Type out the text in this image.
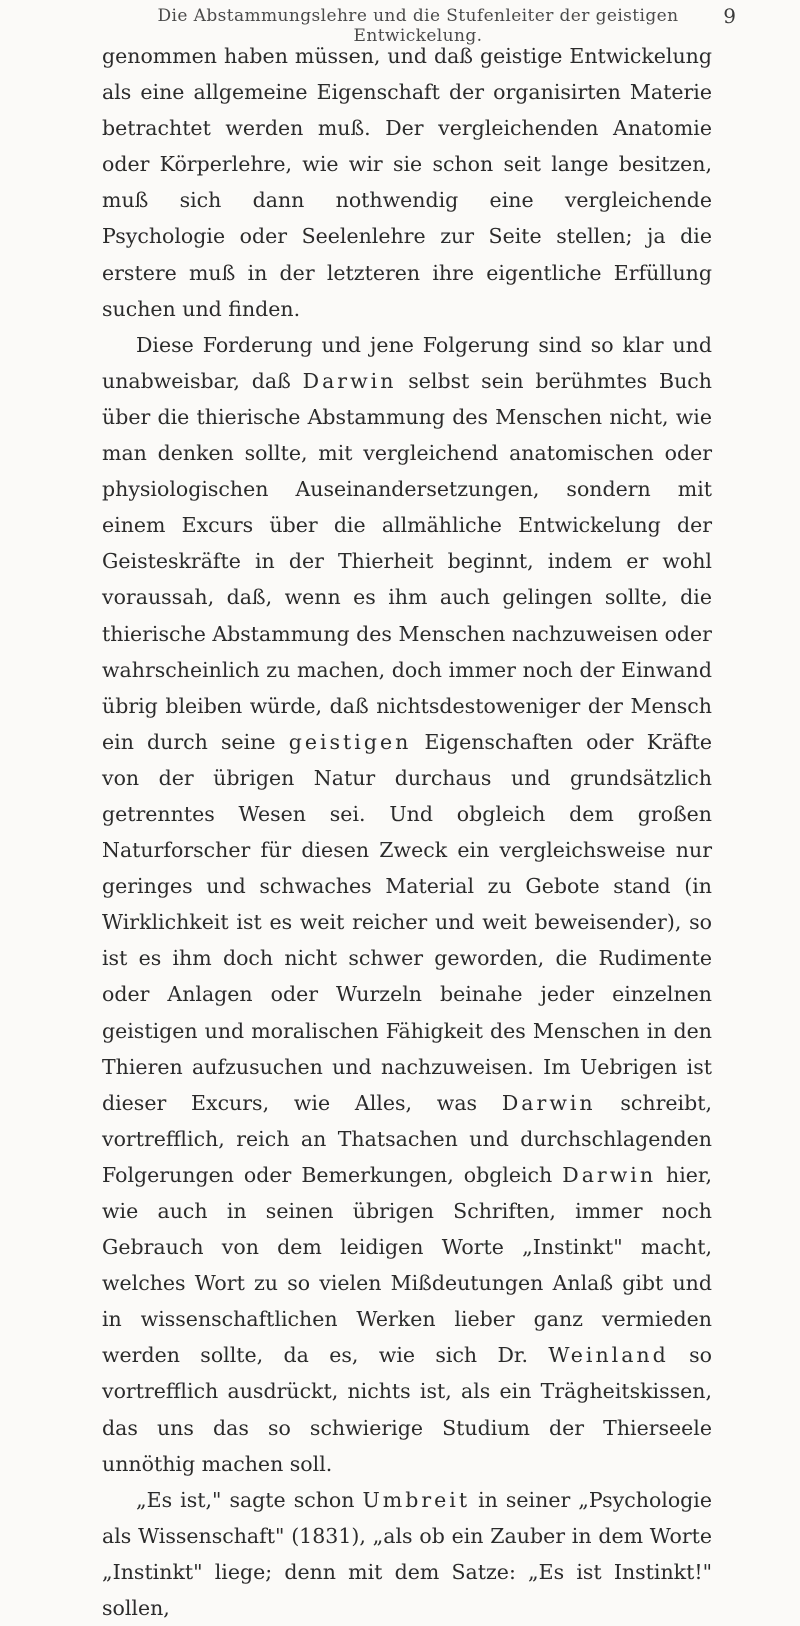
Die Abstammungslehre und die Stufenleiter der geistigen Entwickelung.
9

genommen haben müssen, und daß geistige Entwickelung als eine allgemeine Eigenschaft der organisirten Materie betrachtet werden muß. Der vergleichenden Anatomie oder Körperlehre, wie wir sie schon seit lange besitzen, muß sich dann nothwendig eine vergleichende Psychologie oder Seelenlehre zur Seite stellen; ja die erstere muß in der letzteren ihre eigentliche Erfüllung suchen und finden.

Diese Forderung und jene Folgerung sind so klar und unabweisbar, daß Darwin selbst sein berühmtes Buch über die thierische Abstammung des Menschen nicht, wie man denken sollte, mit vergleichend anatomischen oder physiologischen Auseinandersetzungen, sondern mit einem Excurs über die allmähliche Entwickelung der Geisteskräfte in der Thierheit beginnt, indem er wohl voraussah, daß, wenn es ihm auch gelingen sollte, die thierische Abstammung des Menschen nachzuweisen oder wahrscheinlich zu machen, doch immer noch der Einwand übrig bleiben würde, daß nichtsdestoweniger der Mensch ein durch seine geistigen Eigenschaften oder Kräfte von der übrigen Natur durchaus und grundsätzlich getrenntes Wesen sei. Und obgleich dem großen Naturforscher für diesen Zweck ein vergleichsweise nur geringes und schwaches Material zu Gebote stand (in Wirklichkeit ist es weit reicher und weit beweisender), so ist es ihm doch nicht schwer geworden, die Rudimente oder Anlagen oder Wurzeln beinahe jeder einzelnen geistigen und moralischen Fähigkeit des Menschen in den Thieren aufzusuchen und nachzuweisen. Im Uebrigen ist dieser Excurs, wie Alles, was Darwin schreibt, vortrefflich, reich an Thatsachen und durchschlagenden Folgerungen oder Bemerkungen, obgleich Darwin hier, wie auch in seinen übrigen Schriften, immer noch Gebrauch von dem leidigen Worte „Instinkt" macht, welches Wort zu so vielen Mißdeutungen Anlaß gibt und in wissenschaftlichen Werken lieber ganz vermieden werden sollte, da es, wie sich Dr. Weinland so vortrefflich ausdrückt, nichts ist, als ein Trägheitskissen, das uns das so schwierige Studium der Thierseele unnöthig machen soll.

„Es ist," sagte schon Umbreit in seiner „Psychologie als Wissenschaft" (1831), „als ob ein Zauber in dem Worte „Instinkt" liege; denn mit dem Satze: „Es ist Instinkt!" sollen,
